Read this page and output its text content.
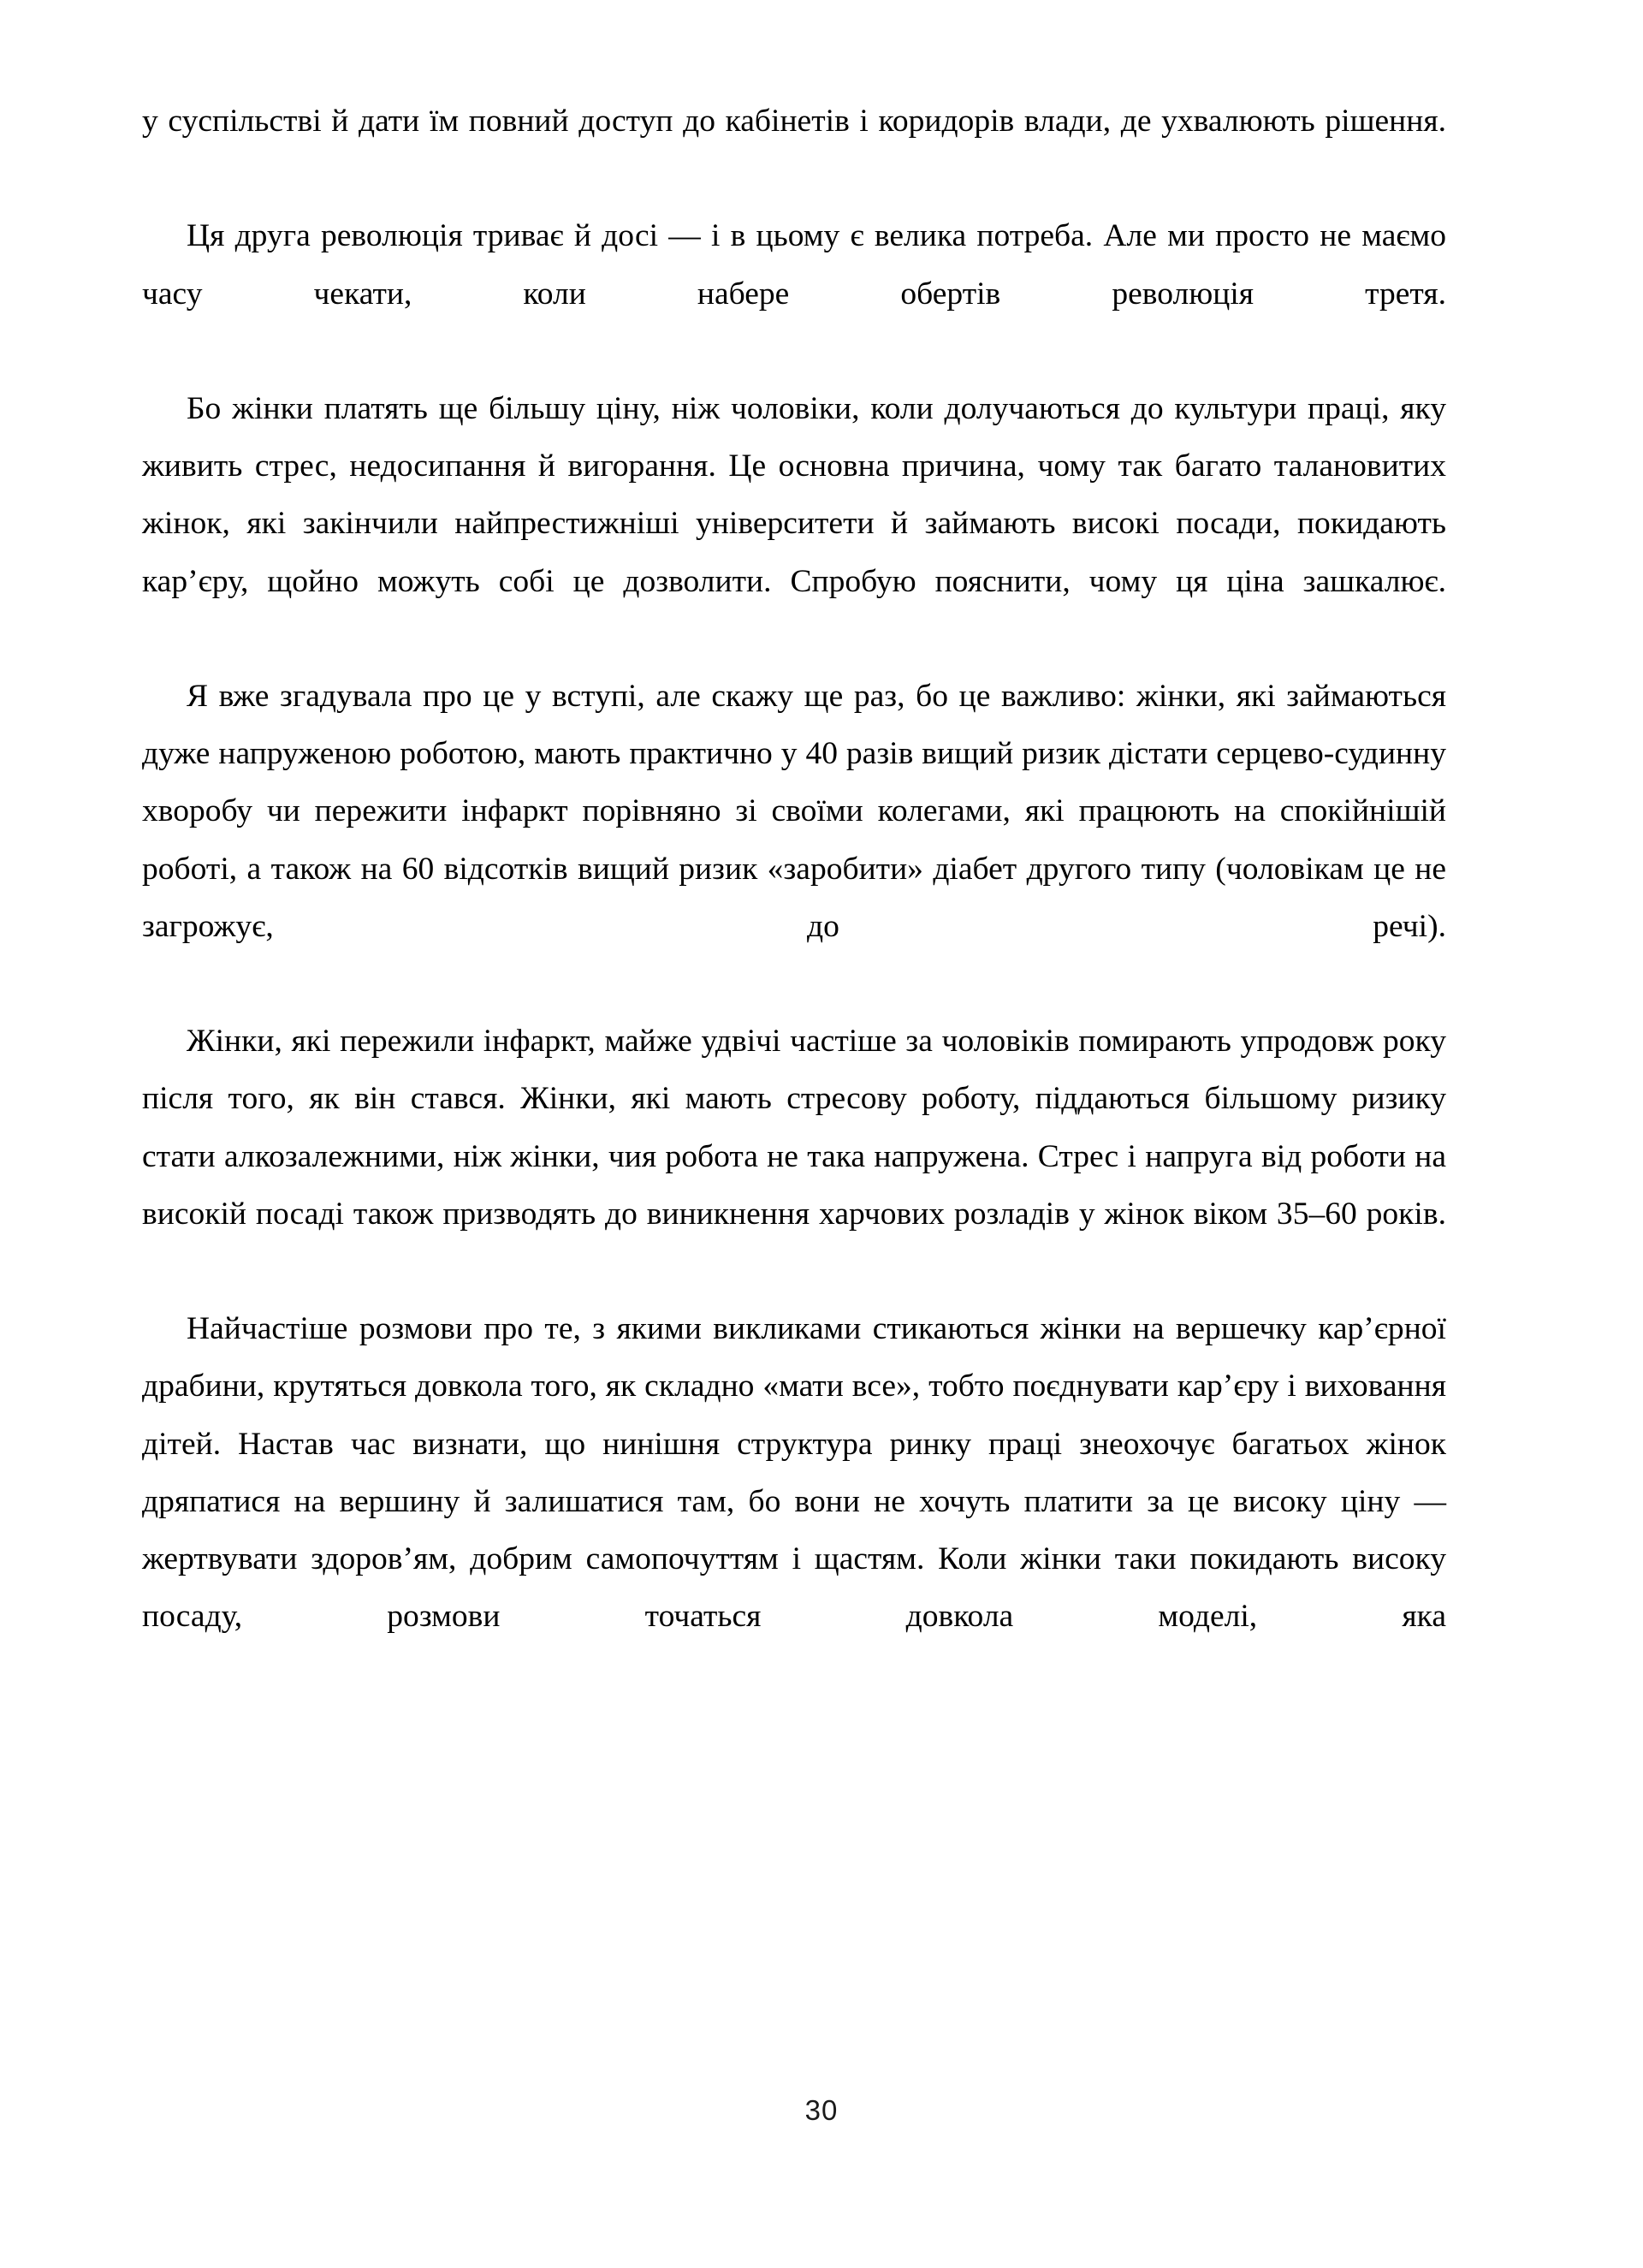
у суспільстві й дати їм повний доступ до кабінетів і коридорів влади, де ухвалюють рішення.

Ця друга революція триває й досі — і в цьому є велика потреба. Але ми просто не маємо часу чекати, коли набере обертів революція третя.

Бо жінки платять ще більшу ціну, ніж чоловіки, коли долучаються до культури праці, яку живить стрес, недосипання й вигорання. Це основна причина, чому так багато талановитих жінок, які закінчили найпрестижніші університети й займають високі посади, покидають кар’єру, щойно можуть собі це дозволити. Спробую пояснити, чому ця ціна зашкалює.

Я вже згадувала про це у вступі, але скажу ще раз, бо це важливо: жінки, які займаються дуже напруженою роботою, мають практично у 40 разів вищий ризик дістати серцево-судинну хворобу чи пережити інфаркт порівняно зі своїми колегами, які працюють на спокійнішій роботі, а також на 60 відсотків вищий ризик «заробити» діабет другого типу (чоловікам це не загрожує, до речі).

Жінки, які пережили інфаркт, майже удвічі частіше за чоловіків помирають упродовж року після того, як він стався. Жінки, які мають стресову роботу, піддаються більшому ризику стати алкозалежними, ніж жінки, чия робота не така напружена. Стрес і напруга від роботи на високій посаді також призводять до виникнення харчових розладів у жінок віком 35–60 років.

Найчастіше розмови про те, з якими викликами стикаються жінки на вершечку кар’єрної драбини, крутяться довкола того, як складно «мати все», тобто поєднувати кар’єру і виховання дітей. Настав час визнати, що нинішня структура ринку праці знеохочує багатьох жінок дряпатися на вершину й залишатися там, бо вони не хочуть платити за це високу ціну — жертвувати здоров’ям, добрим самопочуттям і щастям. Коли жінки таки покидають високу посаду, розмови точаться довкола моделі, яка

30
